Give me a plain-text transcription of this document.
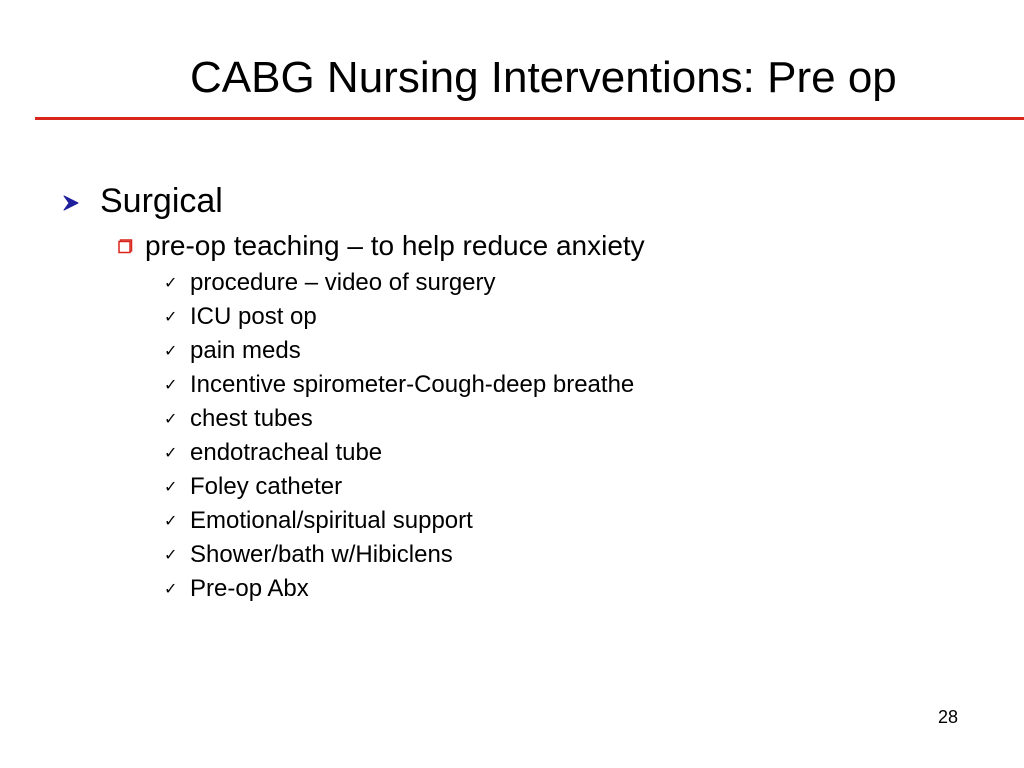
CABG Nursing Interventions: Pre op
Surgical
pre-op teaching – to help reduce anxiety
✓ procedure – video of surgery
✓ ICU post op
✓ pain meds
✓ Incentive spirometer-Cough-deep breathe
✓ chest tubes
✓ endotracheal tube
✓ Foley catheter
✓ Emotional/spiritual support
✓ Shower/bath w/Hibiclens
✓ Pre-op Abx
28
